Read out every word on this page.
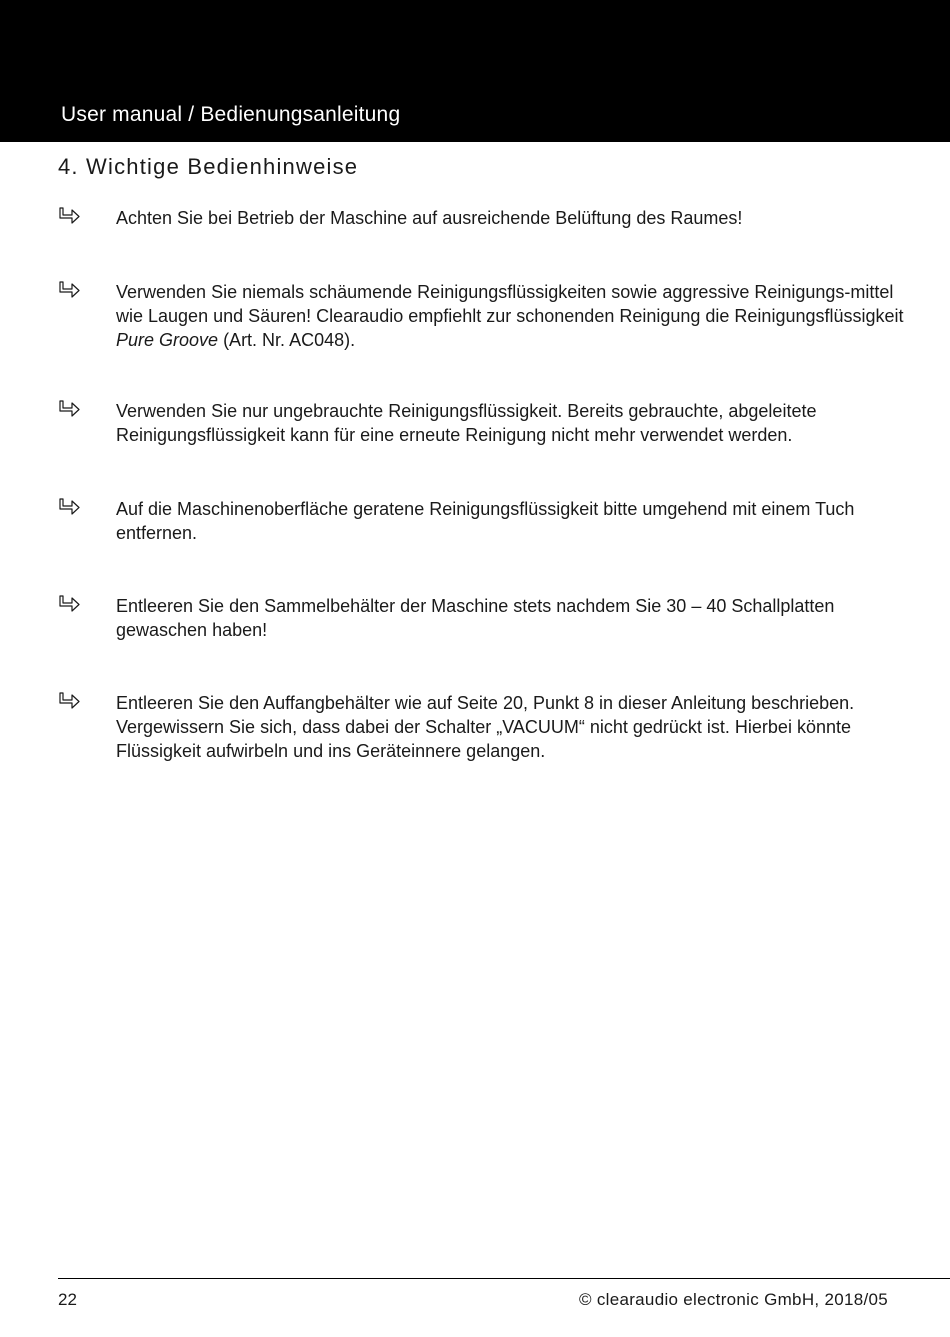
User manual / Bedienungsanleitung
4. Wichtige Bedienhinweise

Achten Sie bei Betrieb der Maschine auf ausreichende Belüftung des Raumes!

Verwenden Sie niemals schäumende Reinigungsflüssigkeiten sowie aggressive Reinigungs-mittel wie Laugen und Säuren! Clearaudio empfiehlt zur schonenden Reinigung die Reinigungsflüssigkeit Pure Groove (Art. Nr. AC048).

Verwenden Sie nur ungebrauchte Reinigungsflüssigkeit. Bereits gebrauchte, abgeleitete Reinigungsflüssigkeit kann für eine erneute Reinigung nicht mehr verwendet werden.

Auf die Maschinenoberfläche geratene Reinigungsflüssigkeit bitte umgehend mit einem Tuch entfernen.

Entleeren Sie den Sammelbehälter der Maschine stets nachdem Sie 30 – 40 Schallplatten gewaschen haben!

Entleeren Sie den Auffangbehälter wie auf Seite 20, Punkt 8 in dieser Anleitung beschrieben. Vergewissern Sie sich, dass dabei der Schalter „VACUUM“ nicht gedrückt ist. Hierbei könnte Flüssigkeit aufwirbeln und ins Geräteinnere gelangen.

22	© clearaudio electronic GmbH, 2018/05
